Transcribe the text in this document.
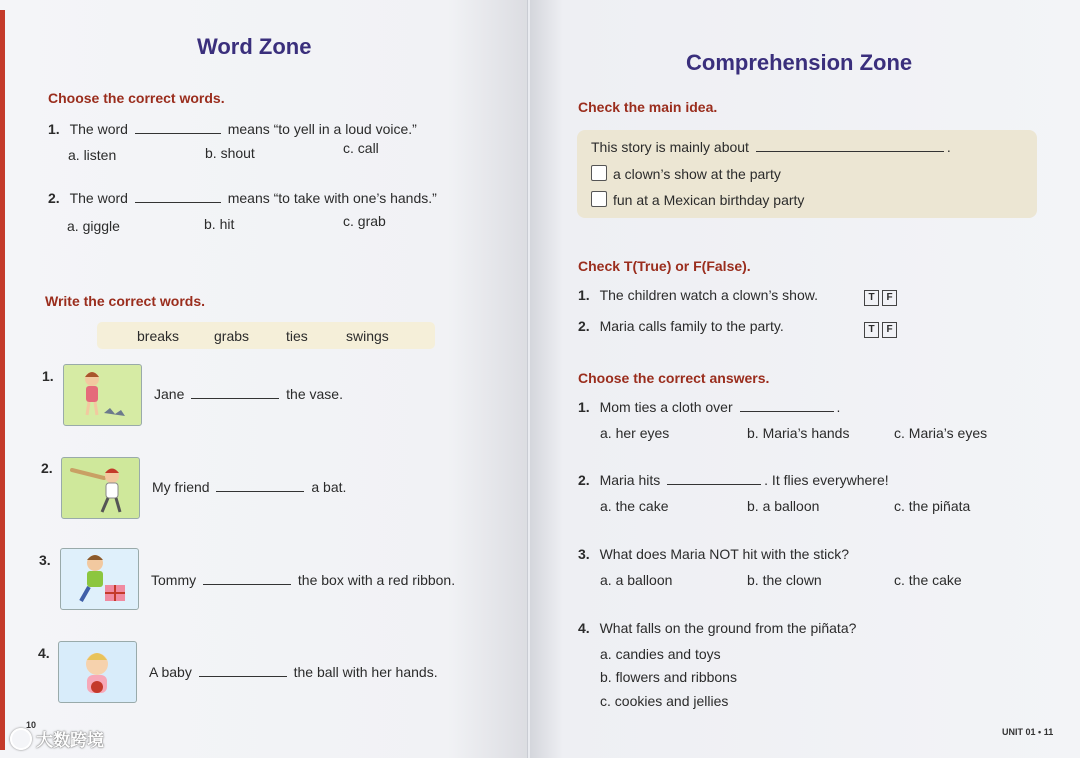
Word Zone
Choose the correct words.
1. The word	means “to yell in a loud voice.”
a. listen	b. shout	c. call
2. The word	means “to take with one’s hands.”
a. giggle	b. hit	c. grab
Write the correct words.
breaks grabs	ties	swings
1.
Jane	the vase.
2.
My friend	a bat.
3.
Tommy	the box with a red ribbon.
4.
A baby	the ball with her hands.
10
Comprehension Zone
Check the main idea.
This story is mainly about	.
a clown’s show at the party
fun at a Mexican birthday party
Check T(True) or F(False).
1. The children watch a clown’s show.	T F
2. Maria calls family to the party.	T F
Choose the correct answers.
1. Mom ties a cloth over	.
a. her eyes	b. Maria’s hands	c. Maria’s eyes
2. Maria hits	. It flies everywhere!
a. the cake	b. a balloon	c. the piñata
3. What does Maria NOT hit with the stick?
a. a balloon	b. the clown	c. the cake
4. What falls on the ground from the piñata?
a. candies and toys
b. flowers and ribbons
c. cookies and jellies
UNIT 01 • 11
大数跨境
